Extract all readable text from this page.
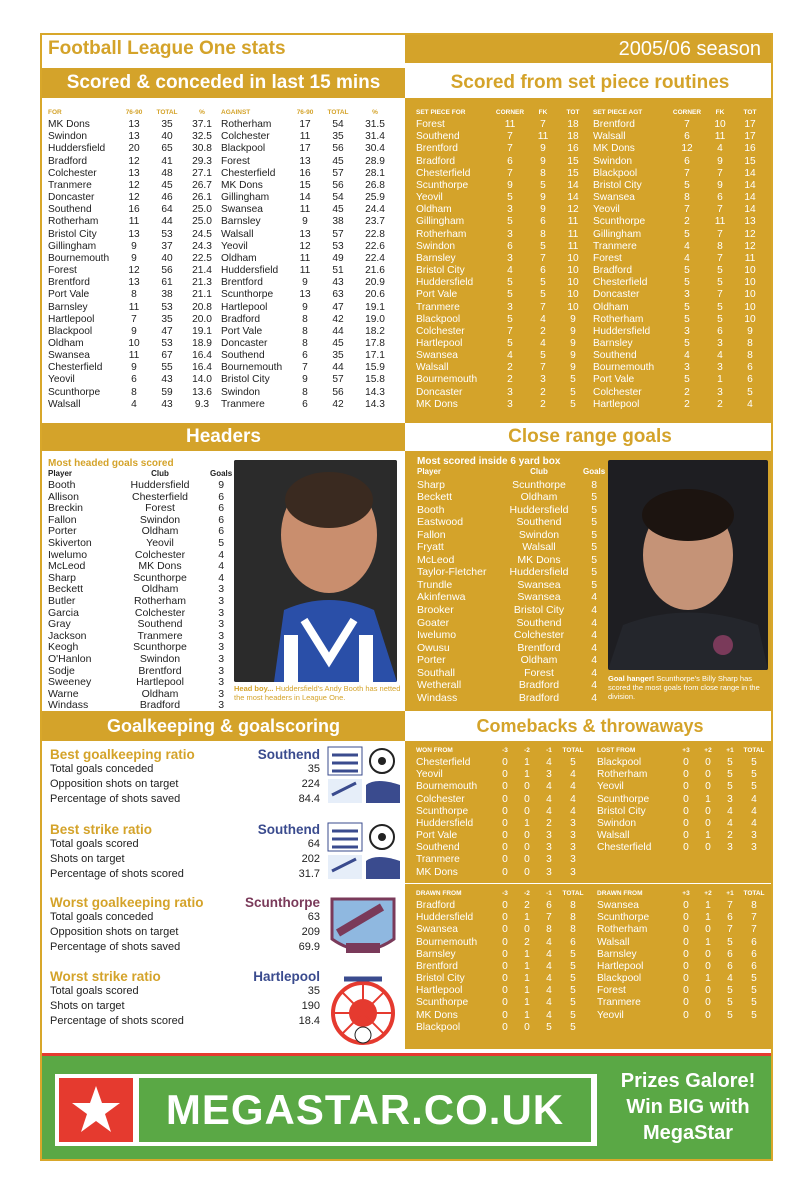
Football League One stats	2005/06 season
Scored & conceded in last 15 mins	Scored from set piece routines
FOR	76-90	TOTAL	%
MK Dons	13	35	37.1
Swindon	13	40	32.5
Huddersfield	20	65	30.8
Bradford	12	41	29.3
Colchester	13	48	27.1
Tranmere	12	45	26.7
Doncaster	12	46	26.1
Southend	16	64	25.0
Rotherham	11	44	25.0
Bristol City	13	53	24.5
Gillingham	9	37	24.3
Bournemouth	9	40	22.5
Forest	12	56	21.4
Brentford	13	61	21.3
Port Vale	8	38	21.1
Barnsley	11	53	20.8
Hartlepool	7	35	20.0
Blackpool	9	47	19.1
Oldham	10	53	18.9
Swansea	11	67	16.4
Chesterfield	9	55	16.4
Yeovil	6	43	14.0
Scunthorpe	8	59	13.6
Walsall	4	43	9.3
AGAINST	76-90	TOTAL	%
Rotherham	17	54	31.5
Colchester	11	35	31.4
Blackpool	17	56	30.4
Forest	13	45	28.9
Chesterfield	16	57	28.1
MK Dons	15	56	26.8
Gillingham	14	54	25.9
Swansea	11	45	24.4
Barnsley	9	38	23.7
Walsall	13	57	22.8
Yeovil	12	53	22.6
Oldham	11	49	22.4
Huddersfield	11	51	21.6
Brentford	9	43	20.9
Scunthorpe	13	63	20.6
Hartlepool	9	47	19.1
Bradford	8	42	19.0
Port Vale	8	44	18.2
Doncaster	8	45	17.8
Southend	6	35	17.1
Bournemouth	7	44	15.9
Bristol City	9	57	15.8
Swindon	8	56	14.3
Tranmere	6	42	14.3
SET PIECE FOR	CORNER	FK	TOT
Forest	11	7	18
Southend	7	11	18
Brentford	7	9	16
Bradford	6	9	15
Chesterfield	7	8	15
Scunthorpe	9	5	14
Yeovil	5	9	14
Oldham	3	9	12
Gillingham	5	6	11
Rotherham	3	8	11
Swindon	6	5	11
Barnsley	3	7	10
Bristol City	4	6	10
Huddersfield	5	5	10
Port Vale	5	5	10
Tranmere	3	7	10
Blackpool	5	4	9
Colchester	7	2	9
Hartlepool	5	4	9
Swansea	4	5	9
Walsall	2	7	9
Bournemouth	2	3	5
Doncaster	3	2	5
MK Dons	3	2	5
SET PIECE AGT	CORNER	FK	TOT
Brentford	7	10	17
Walsall	6	11	17
MK Dons	12	4	16
Swindon	6	9	15
Blackpool	7	7	14
Bristol City	5	9	14
Swansea	8	6	14
Yeovil	7	7	14
Scunthorpe	2	11	13
Gillingham	5	7	12
Tranmere	4	8	12
Forest	4	7	11
Bradford	5	5	10
Chesterfield	5	5	10
Doncaster	3	7	10
Oldham	5	5	10
Rotherham	5	5	10
Huddersfield	3	6	9
Barnsley	5	3	8
Southend	4	4	8
Bournemouth	3	3	6
Port Vale	5	1	6
Colchester	2	3	5
Hartlepool	2	2	4
Headers	Close range goals
Most headed goals scored
Player	Club	Goals
Booth	Huddersfield	9
Allison	Chesterfield	6
Breckin	Forest	6
Fallon	Swindon	6
Porter	Oldham	6
Skiverton	Yeovil	5
Iwelumo	Colchester	4
McLeod	MK Dons	4
Sharp	Scunthorpe	4
Beckett	Oldham	3
Butler	Rotherham	3
Garcia	Colchester	3
Gray	Southend	3
Jackson	Tranmere	3
Keogh	Scunthorpe	3
O'Hanlon	Swindon	3
Sodje	Brentford	3
Sweeney	Hartlepool	3
Warne	Oldham	3
Windass	Bradford	3
Head boy... Huddersfield's Andy Booth has netted the most headers in League One.
Most scored inside 6 yard box
Player	Club	Goals
Sharp	Scunthorpe	8
Beckett	Oldham	5
Booth	Huddersfield	5
Eastwood	Southend	5
Fallon	Swindon	5
Fryatt	Walsall	5
McLeod	MK Dons	5
Taylor-Fletcher	Huddersfield	5
Trundle	Swansea	5
Akinfenwa	Swansea	4
Brooker	Bristol City	4
Goater	Southend	4
Iwelumo	Colchester	4
Owusu	Brentford	4
Porter	Oldham	4
Southall	Forest	4
Wetherall	Bradford	4
Windass	Bradford	4
Goal hanger! Scunthorpe's Billy Sharp has scored the most goals from close range in the division.
Goalkeeping & goalscoring	Comebacks & throwaways
Best goalkeeping ratio	Southend
Total goals conceded	35
Opposition shots on target	224
Percentage of shots saved	84.4
Best strike ratio	Southend
Total goals scored	64
Shots on target	202
Percentage of shots scored	31.7
Worst goalkeeping ratio	Scunthorpe
Total goals conceded	63
Opposition shots on target	209
Percentage of shots saved	69.9
Worst strike ratio	Hartlepool
Total goals scored	35
Shots on target	190
Percentage of shots scored	18.4
WON FROM	-3	-2	-1	TOTAL
Chesterfield	0	1	4	5
Yeovil	0	1	3	4
Bournemouth	0	0	4	4
Colchester	0	0	4	4
Scunthorpe	0	0	4	4
Huddersfield	0	1	2	3
Port Vale	0	0	3	3
Southend	0	0	3	3
Tranmere	0	0	3	3
MK Dons	0	0	3	3
LOST FROM	+3	+2	+1	TOTAL
Blackpool	0	0	5	5
Rotherham	0	0	5	5
Yeovil	0	0	5	5
Scunthorpe	0	1	3	4
Bristol City	0	0	4	4
Swindon	0	0	4	4
Walsall	0	1	2	3
Chesterfield	0	0	3	3
DRAWN FROM	-3	-2	-1	TOTAL
Bradford	0	2	6	8
Huddersfield	0	1	7	8
Swansea	0	0	8	8
Bournemouth	0	2	4	6
Barnsley	0	1	4	5
Brentford	0	1	4	5
Bristol City	0	1	4	5
Hartlepool	0	1	4	5
Scunthorpe	0	1	4	5
MK Dons	0	1	4	5
Blackpool	0	0	5	5
DRAWN FROM	+3	+2	+1	TOTAL
Swansea	0	1	7	8
Scunthorpe	0	1	6	7
Rotherham	0	0	7	7
Walsall	0	1	5	6
Barnsley	0	0	6	6
Hartlepool	0	0	6	6
Blackpool	0	1	4	5
Forest	0	0	5	5
Tranmere	0	0	5	5
Yeovil	0	0	5	5
MEGASTAR.CO.UK
Prizes Galore!
Win BIG with
MegaStar
